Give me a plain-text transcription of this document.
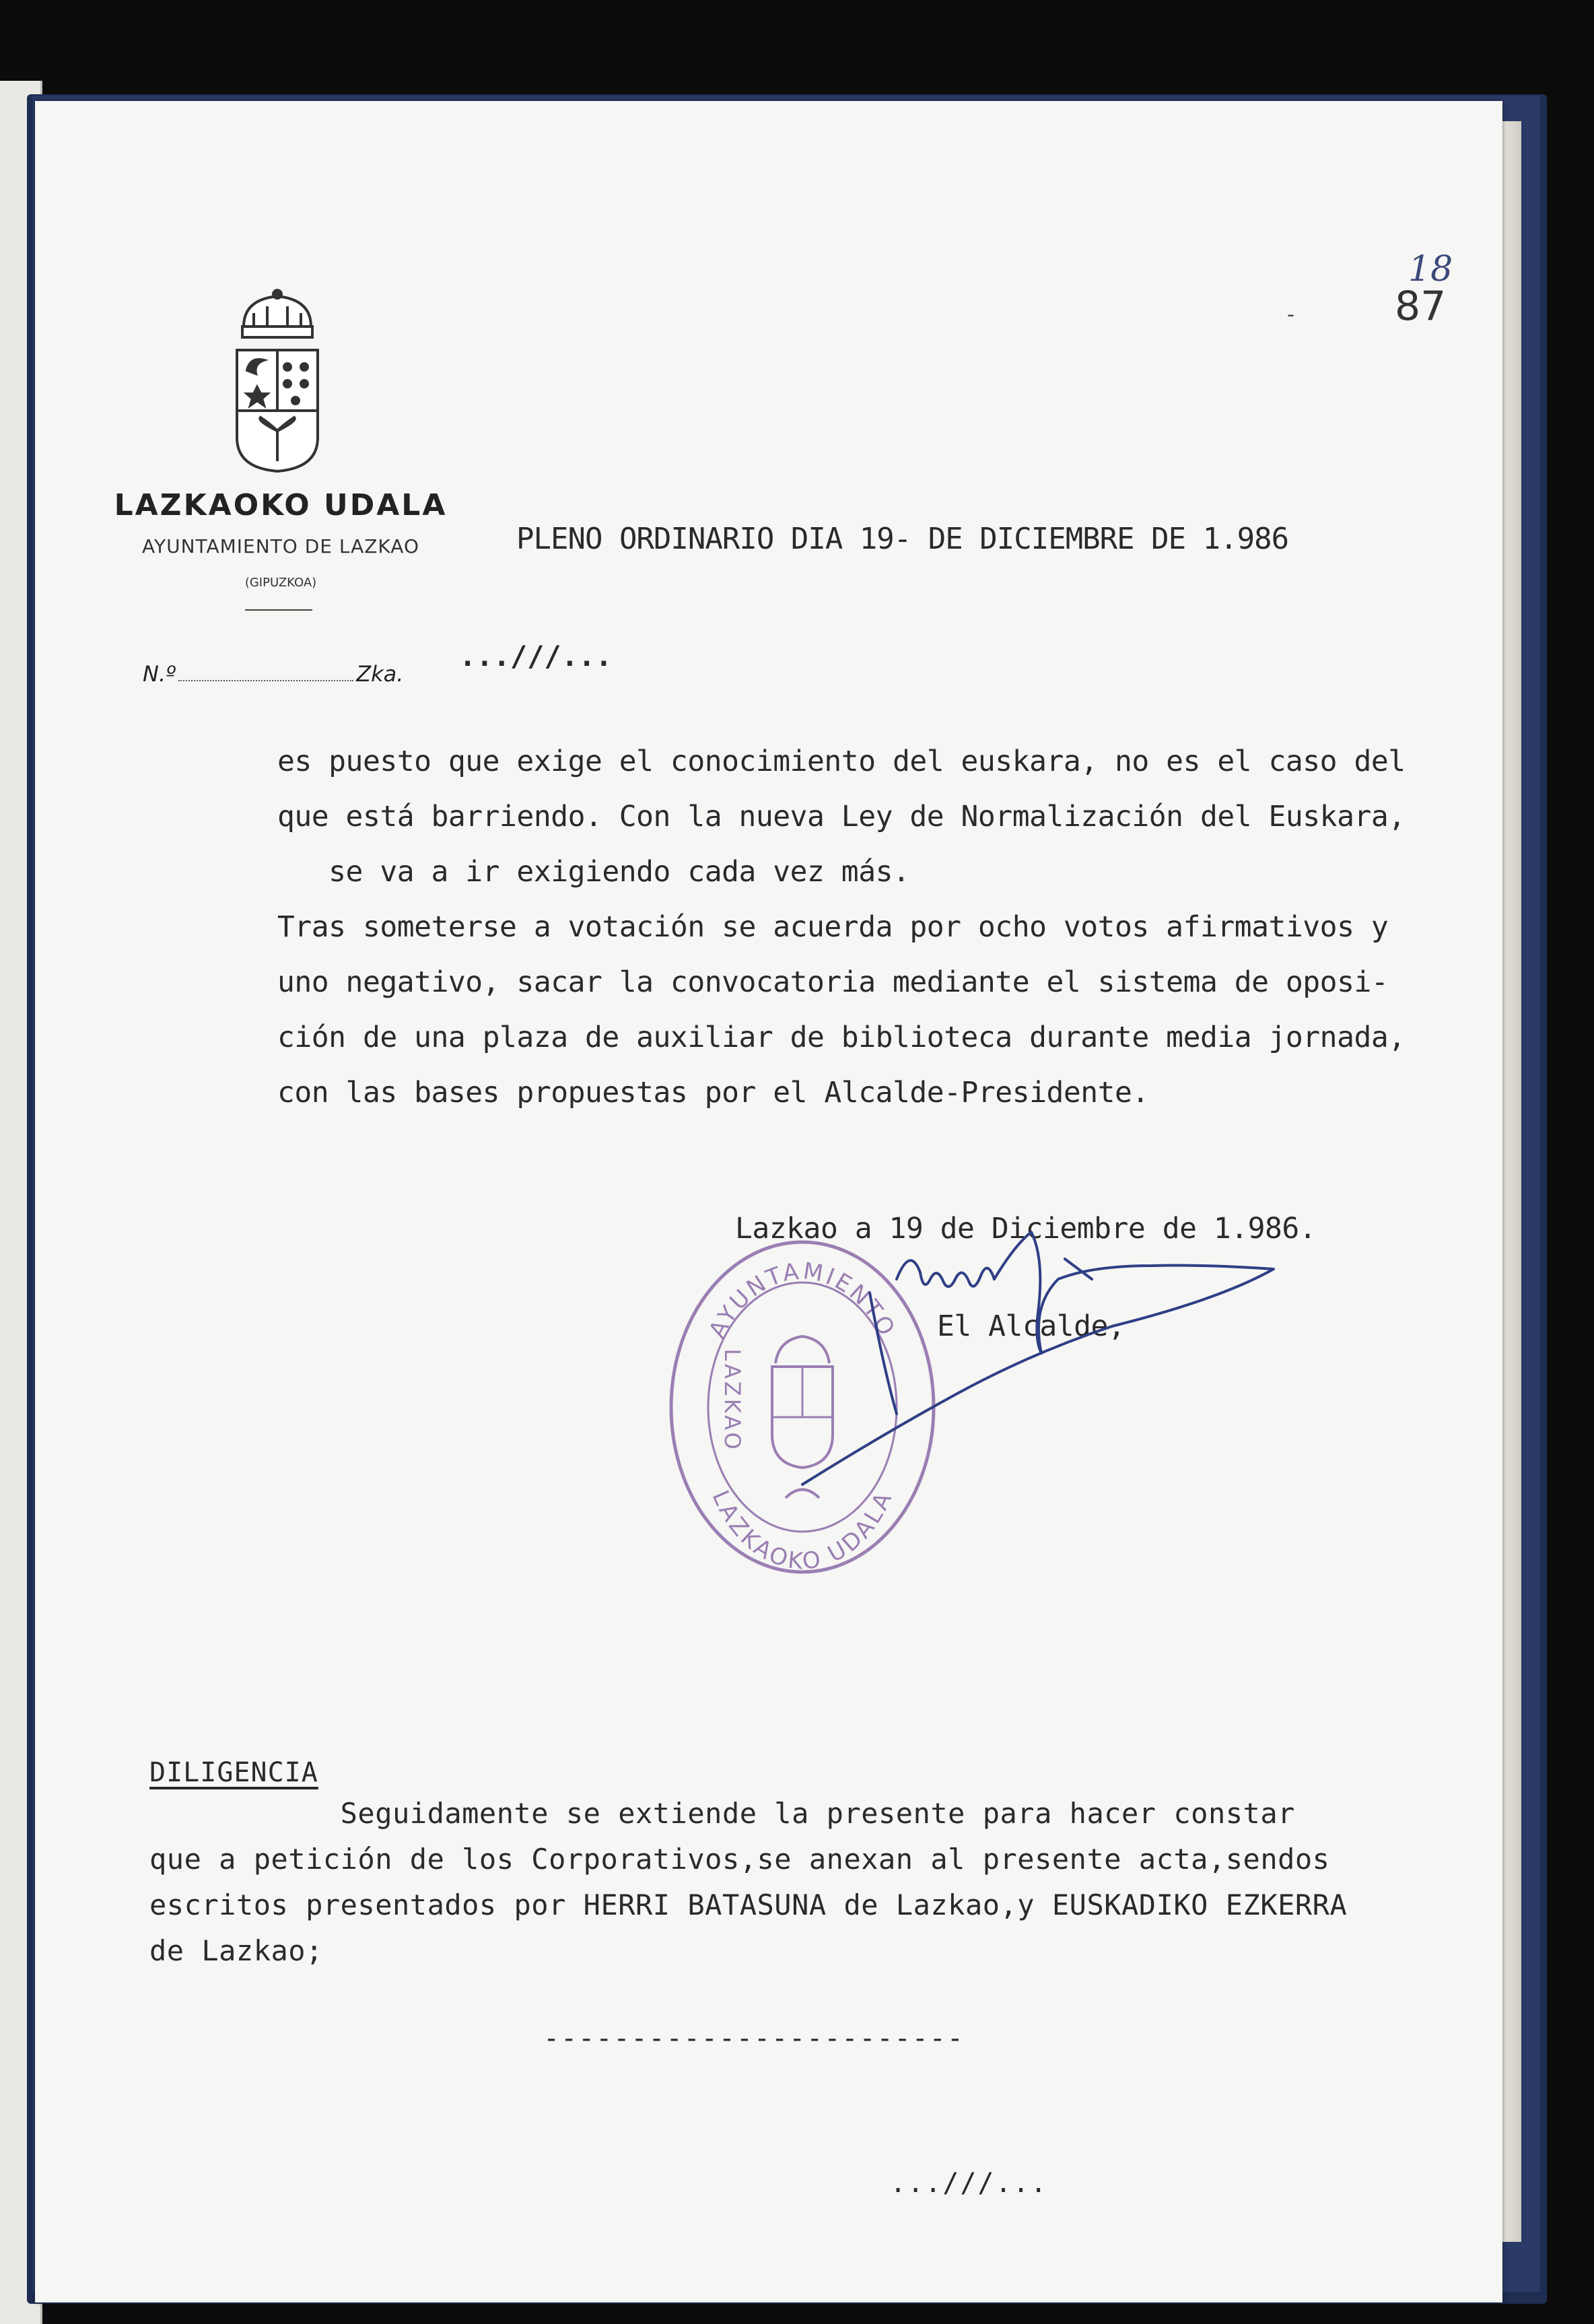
LAZKAOKO UDALA
AYUNTAMIENTO DE LAZKAO
(GIPUZKOA)
N.º	Zka.
18
87
-
PLENO ORDINARIO DIA 19- DE DICIEMBRE DE 1.986
...///...

es puesto que exige el conocimiento del euskara, no es el caso del

que está barriendo. Con la nueva Ley de Normalización del Euskara,

se va a ir exigiendo cada vez más.

Tras someterse a votación se acuerda por ocho votos afirmativos y

uno negativo, sacar la convocatoria mediante el sistema de oposi-

ción de una plaza de auxiliar de biblioteca durante media jornada,

con las bases propuestas por el Alcalde-Presidente.

Lazkao a 19 de Diciembre de 1.986.
El Alcalde,
AYUNTAMIENTO
LAZKAOKO UDALA
LAZKAO
DILIGENCIA

Seguidamente se extiende la presente para hacer constar

que a petición de los Corporativos,se anexan al presente acta,sendos

escritos presentados por HERRI BATASUNA de Lazkao,y EUSKADIKO EZKERRA

de Lazkao;

------------------------
...///...
